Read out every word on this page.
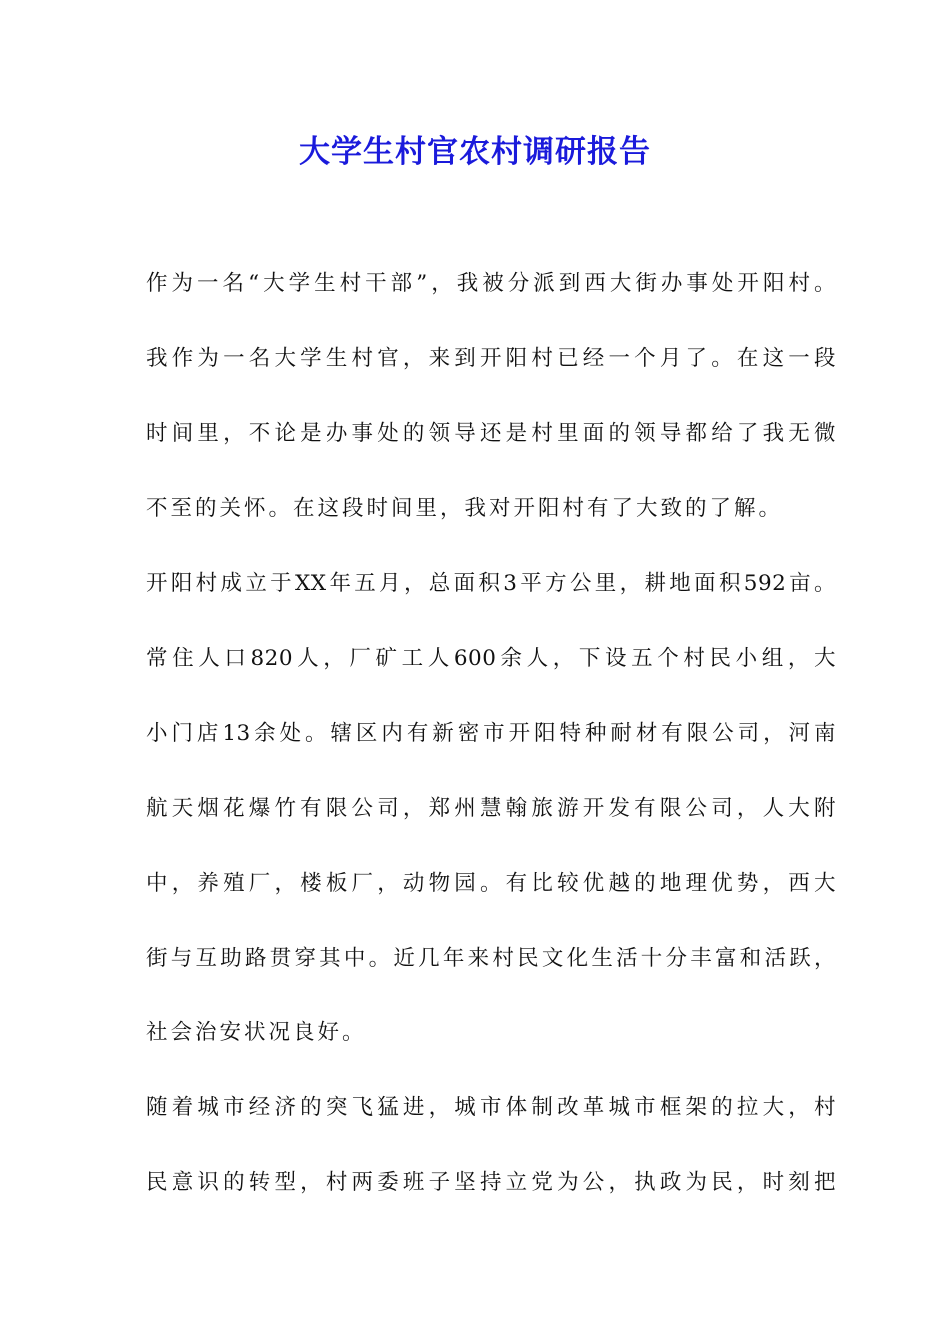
大学生村官农村调研报告
作为一名“大学生村干部”，我被分派到西大街办事处开阳村。
我作为一名大学生村官，来到开阳村已经一个月了。在这一段
时间里，不论是办事处的领导还是村里面的领导都给了我无微
不至的关怀。在这段时间里，我对开阳村有了大致的了解。
开阳村成立于XX年五月，总面积3平方公里，耕地面积592亩。
常住人口820人，厂矿工人600余人，下设五个村民小组，大
小门店13余处。辖区内有新密市开阳特种耐材有限公司，河南
航天烟花爆竹有限公司，郑州慧翰旅游开发有限公司，人大附
中，养殖厂，楼板厂，动物园。有比较优越的地理优势，西大
街与互助路贯穿其中。近几年来村民文化生活十分丰富和活跃，
社会治安状况良好。
随着城市经济的突飞猛进，城市体制改革城市框架的拉大，村
民意识的转型，村两委班子坚持立党为公，执政为民，时刻把
